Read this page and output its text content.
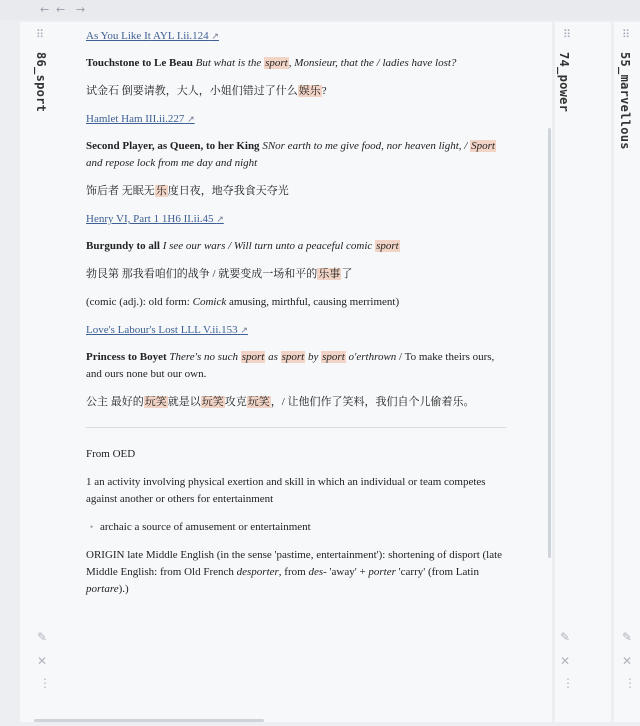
← ← →
⠿
86_sport
✎
✕
⋮
As You Like It AYL I.ii.124 ↗
Touchstone to Le Beau But what is the sport, Monsieur, that the / ladies have lost?
试金石 倒要请教，大人，小姐们错过了什么娱乐?
Hamlet Ham III.ii.227 ↗
Second Player, as Queen, to her King SNor earth to me give food, nor heaven light, / Sport and repose lock from me day and night
饰后者 无眠无乐度日夜，地夺我食天夺光
Henry VI, Part 1 1H6 II.ii.45 ↗
Burgundy to all I see our wars / Will turn unto a peaceful comic sport
勃艮第 那我看咱们的战争 / 就要变成一场和平的乐事了
(comic (adj.): old form: Comick amusing, mirthful, causing merriment)
Love's Labour's Lost LLL V.ii.153 ↗
Princess to Boyet There's no such sport as sport by sport o'erthrown / To make theirs ours, and ours none but our own.
公主 最好的玩笑就是以玩笑攻克玩笑，/ 让他们作了笑料，我们自个儿偷着乐。
From OED
1 an activity involving physical exertion and skill in which an individual or team competes against another or others for entertainment
• archaic a source of amusement or entertainment
ORIGIN late Middle English (in the sense 'pastime, entertainment'): shortening of disport (late Middle English: from Old French desporter, from des- 'away' + porter 'carry' (from Latin portare).)
⠿
74_power
✎
✕
⋮
⠿
55_marvellous
✎
✕
⋮
